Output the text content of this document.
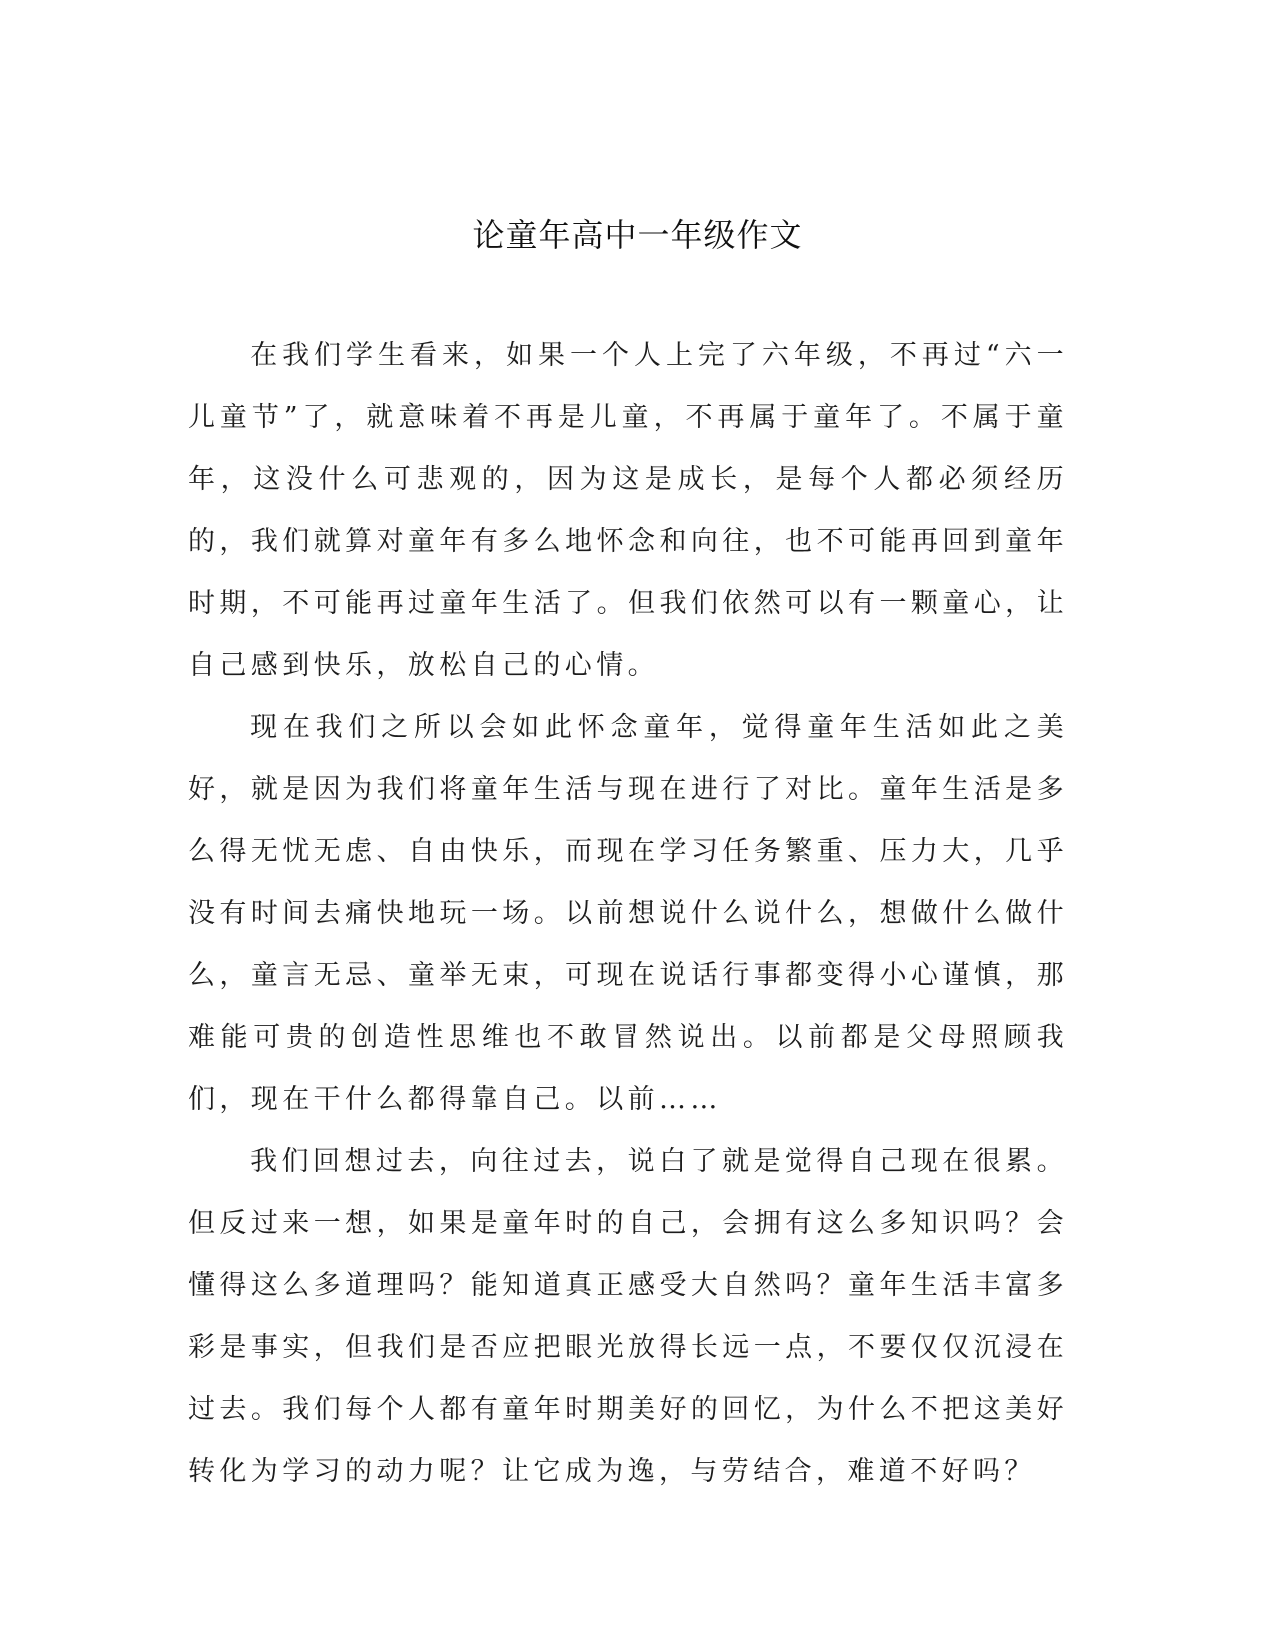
论童年高中一年级作文

在我们学生看来，如果一个人上完了六年级，不再过“六一儿童节”了，就意味着不再是儿童，不再属于童年了。不属于童年，这没什么可悲观的，因为这是成长，是每个人都必须经历的，我们就算对童年有多么地怀念和向往，也不可能再回到童年时期，不可能再过童年生活了。但我们依然可以有一颗童心，让自己感到快乐，放松自己的心情。

现在我们之所以会如此怀念童年，觉得童年生活如此之美好，就是因为我们将童年生活与现在进行了对比。童年生活是多么得无忧无虑、自由快乐，而现在学习任务繁重、压力大，几乎没有时间去痛快地玩一场。以前想说什么说什么，想做什么做什么，童言无忌、童举无束，可现在说话行事都变得小心谨慎，那难能可贵的创造性思维也不敢冒然说出。以前都是父母照顾我们，现在干什么都得靠自己。以前……

我们回想过去，向往过去，说白了就是觉得自己现在很累。但反过来一想，如果是童年时的自己，会拥有这么多知识吗？会懂得这么多道理吗？能知道真正感受大自然吗？童年生活丰富多彩是事实，但我们是否应把眼光放得长远一点，不要仅仅沉浸在过去。我们每个人都有童年时期美好的回忆，为什么不把这美好转化为学习的动力呢？让它成为逸，与劳结合，难道不好吗？
